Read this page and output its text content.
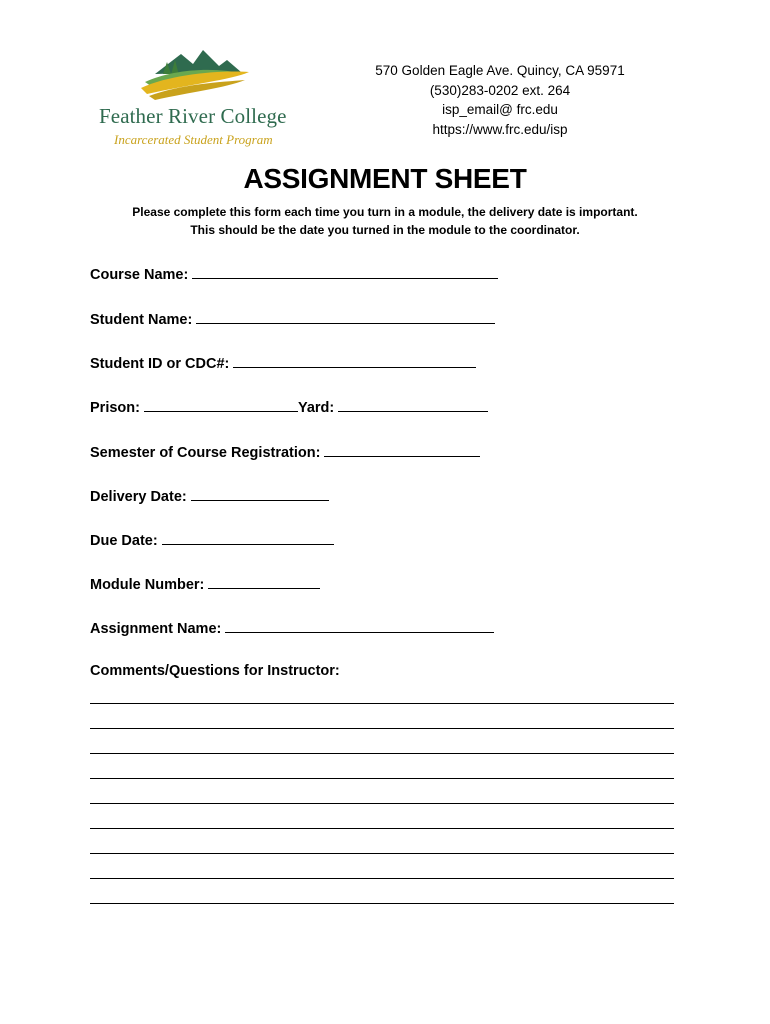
Feather River College
Incarcerated Student Program
570 Golden Eagle Ave. Quincy, CA 95971
(530)283-0202 ext. 264
isp_email@ frc.edu
https://www.frc.edu/isp
ASSIGNMENT SHEET
Please complete this form each time you turn in a module, the delivery date is important.
This should be the date you turned in the module to the coordinator.
Course Name:
Student Name:
Student ID or CDC#:
Prison:	Yard:
Semester of Course Registration:
Delivery Date:
Due Date:
Module Number:
Assignment Name:
Comments/Questions for Instructor:
